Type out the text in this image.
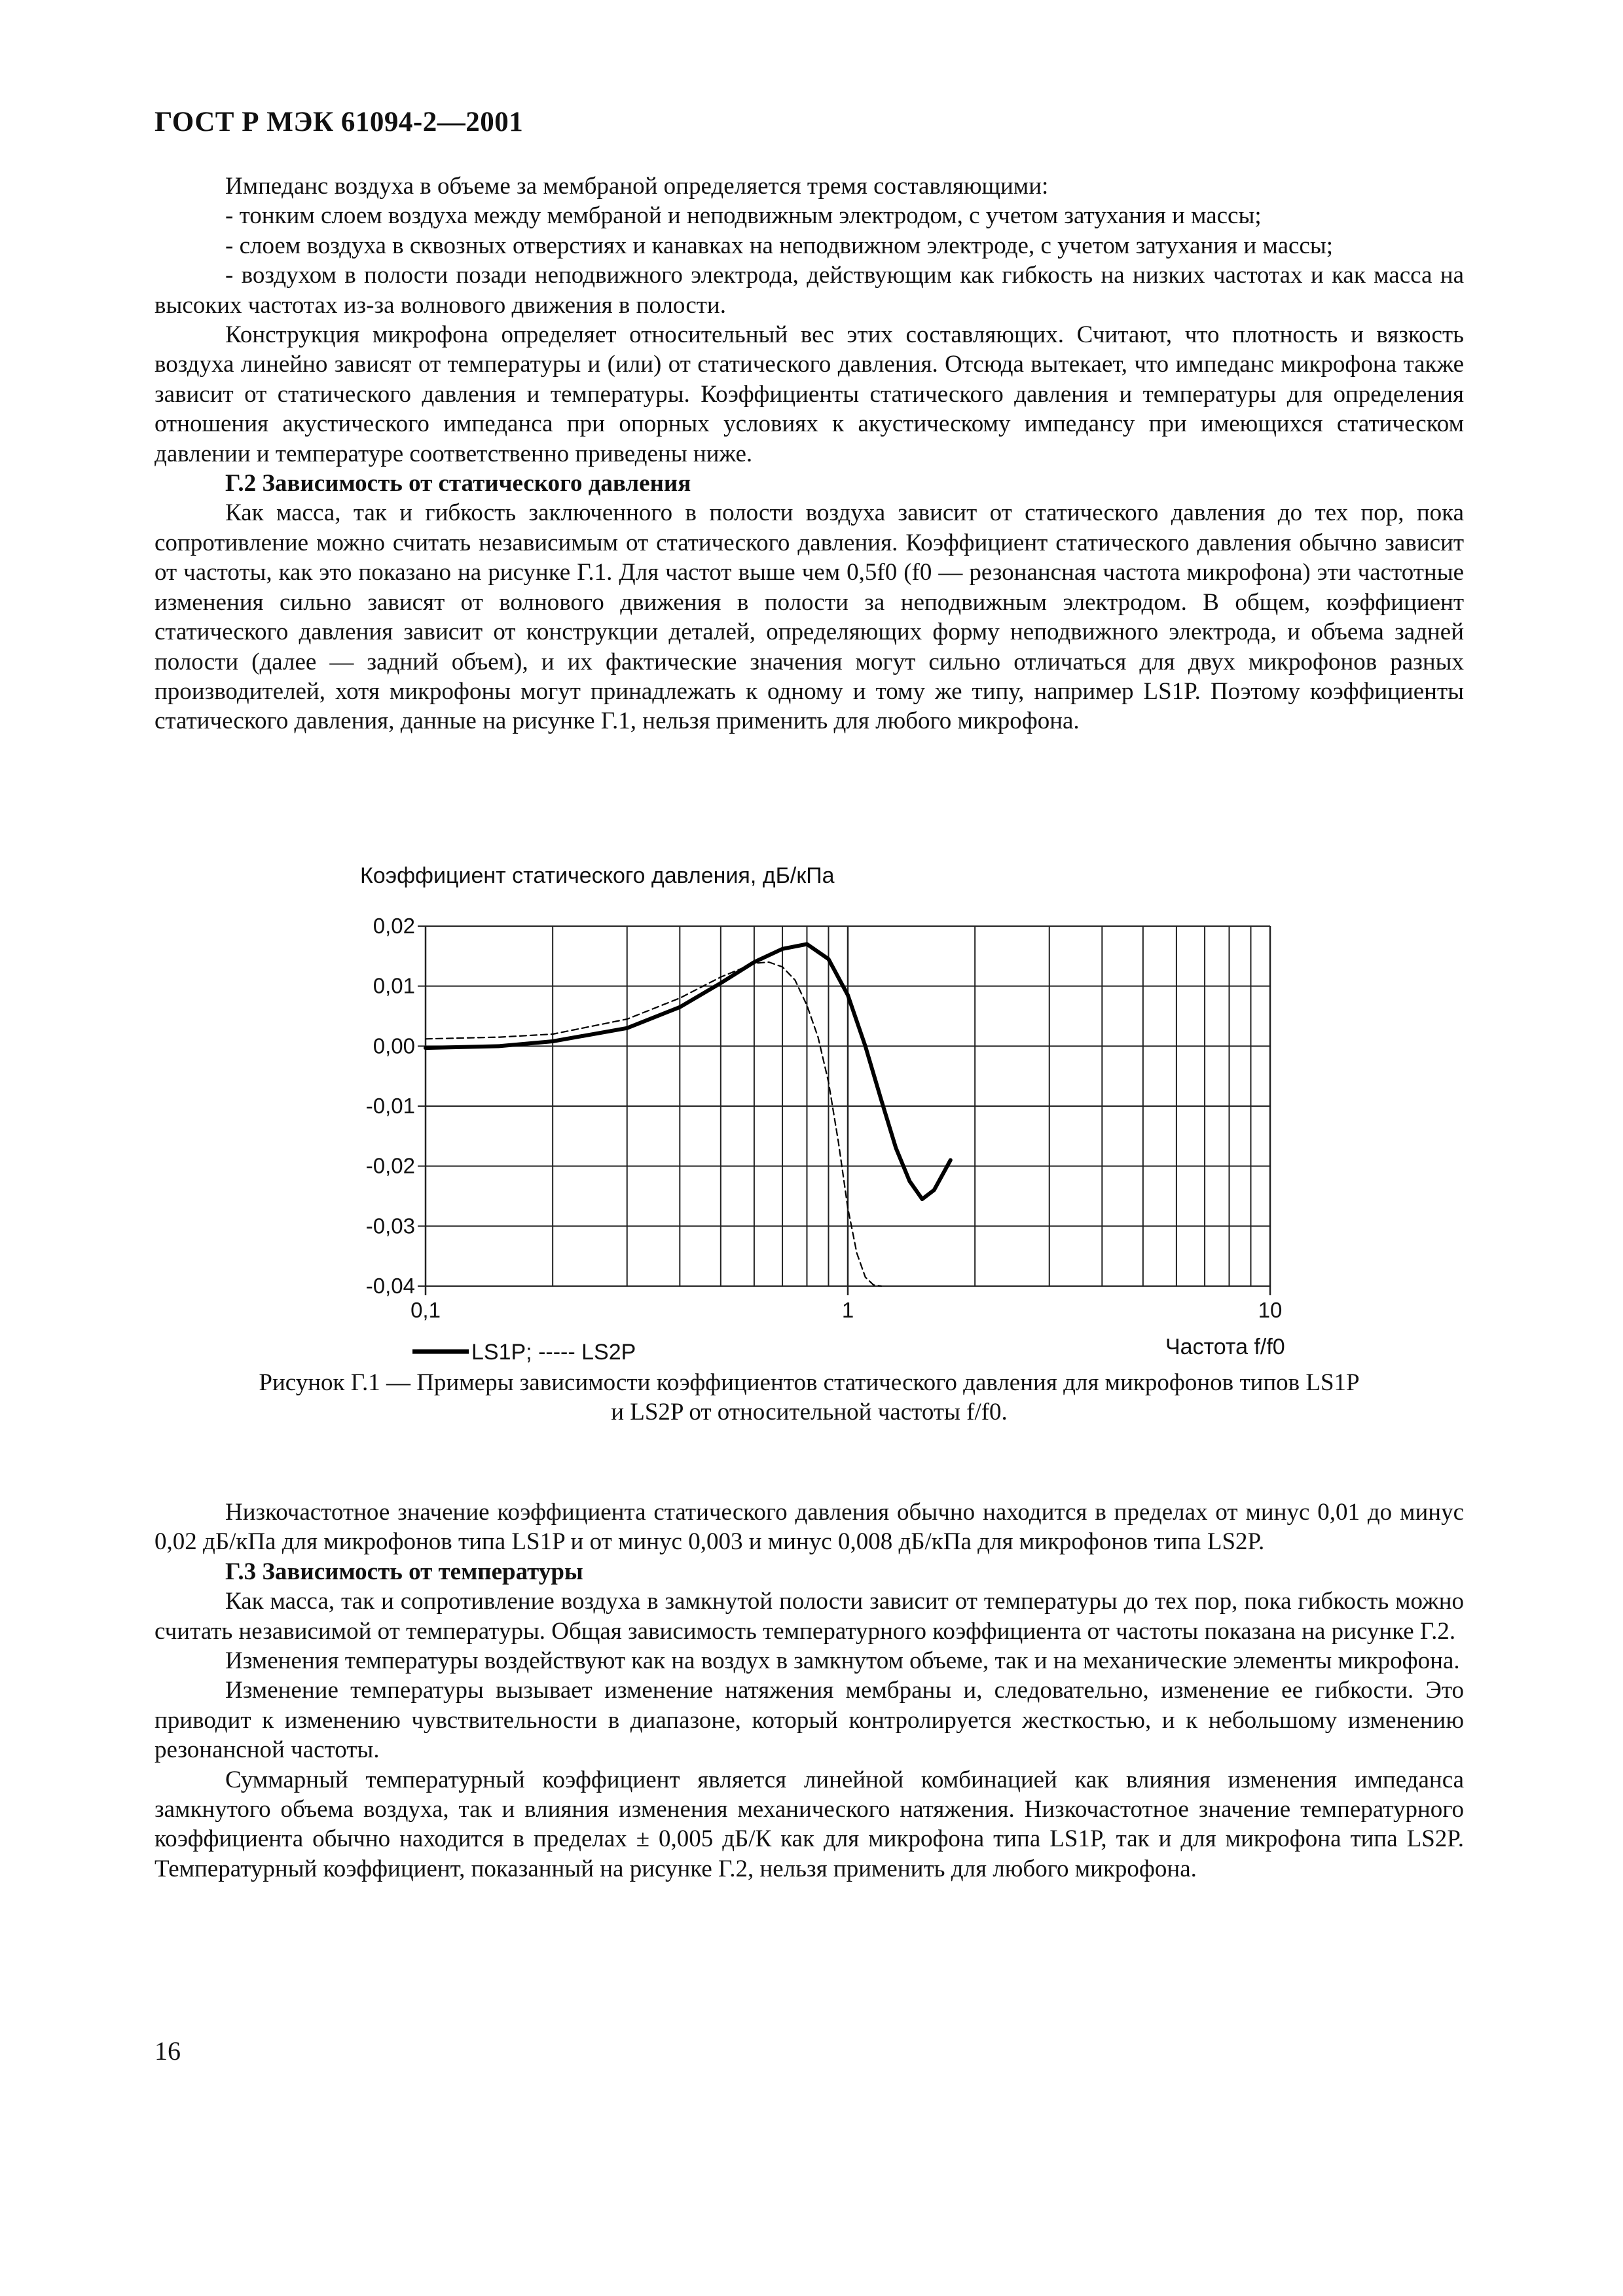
ГОСТ Р МЭК 61094-2—2001

Импеданс воздуха в объеме за мембраной определяется тремя составляющими:

- тонким слоем воздуха между мембраной и неподвижным электродом, с учетом затухания и массы;

- слоем воздуха в сквозных отверстиях и канавках на неподвижном электроде, с учетом затухания и массы;

- воздухом в полости позади неподвижного электрода, действующим как гибкость на низких частотах и как масса на высоких частотах из-за волнового движения в полости.

Конструкция микрофона определяет относительный вес этих составляющих. Считают, что плотность и вязкость воздуха линейно зависят от температуры и (или) от статического давления. Отсюда вытекает, что импеданс микрофона также зависит от статического давления и температуры. Коэффициенты статического давления и температуры для определения отношения акустического импеданса при опорных условиях к акустическому импедансу при имеющихся статическом давлении и температуре соответственно приведены ниже.

Г.2 Зависимость от статического давления

Как масса, так и гибкость заключенного в полости воздуха зависит от статического давления до тех пор, пока сопротивление можно считать независимым от статического давления. Коэффициент статического давления обычно зависит от частоты, как это показано на рисунке Г.1. Для частот выше чем 0,5f0 (f0 — резонансная частота микрофона) эти частотные изменения сильно зависят от волнового движения в полости за неподвижным электродом. В общем, коэффициент статического давления зависит от конструкции деталей, определяющих форму неподвижного электрода, и объема задней полости (далее — задний объем), и их фактические значения могут сильно отличаться для двух микрофонов разных производителей, хотя микрофоны могут принадлежать к одному и тому же типу, например LS1P. Поэтому коэффициенты статического давления, данные на рисунке Г.1, нельзя применить для любого микрофона.

Коэффициент статического давления, дБ/кПа
0,02
0,01
0,00
-0,01
-0,02
-0,03
-0,04
0,1	1	10
Частота f/f0
LS1P; ----- LS2P
Рисунок Г.1 — Примеры зависимости коэффициентов статического давления для микрофонов типов LS1P
и LS2P от относительной частоты f/f0.

Низкочастотное значение коэффициента статического давления обычно находится в пределах от минус 0,01 до минус 0,02 дБ/кПа для микрофонов типа LS1P и от минус 0,003 и минус 0,008 дБ/кПа для микрофонов типа LS2P.

Г.3 Зависимость от температуры

Как масса, так и сопротивление воздуха в замкнутой полости зависит от температуры до тех пор, пока гибкость можно считать независимой от температуры. Общая зависимость температурного коэффициента от частоты показана на рисунке Г.2.

Изменения температуры воздействуют как на воздух в замкнутом объеме, так и на механические элементы микрофона.

Изменение температуры вызывает изменение натяжения мембраны и, следовательно, изменение ее гибкости. Это приводит к изменению чувствительности в диапазоне, который контролируется жесткостью, и к небольшому изменению резонансной частоты.

Суммарный температурный коэффициент является линейной комбинацией как влияния изменения импеданса замкнутого объема воздуха, так и влияния изменения механического натяжения. Низкочастотное значение температурного коэффициента обычно находится в пределах ± 0,005 дБ/К как для микрофона типа LS1P, так и для микрофона типа LS2P. Температурный коэффициент, показанный на рисунке Г.2, нельзя применить для любого микрофона.

16
